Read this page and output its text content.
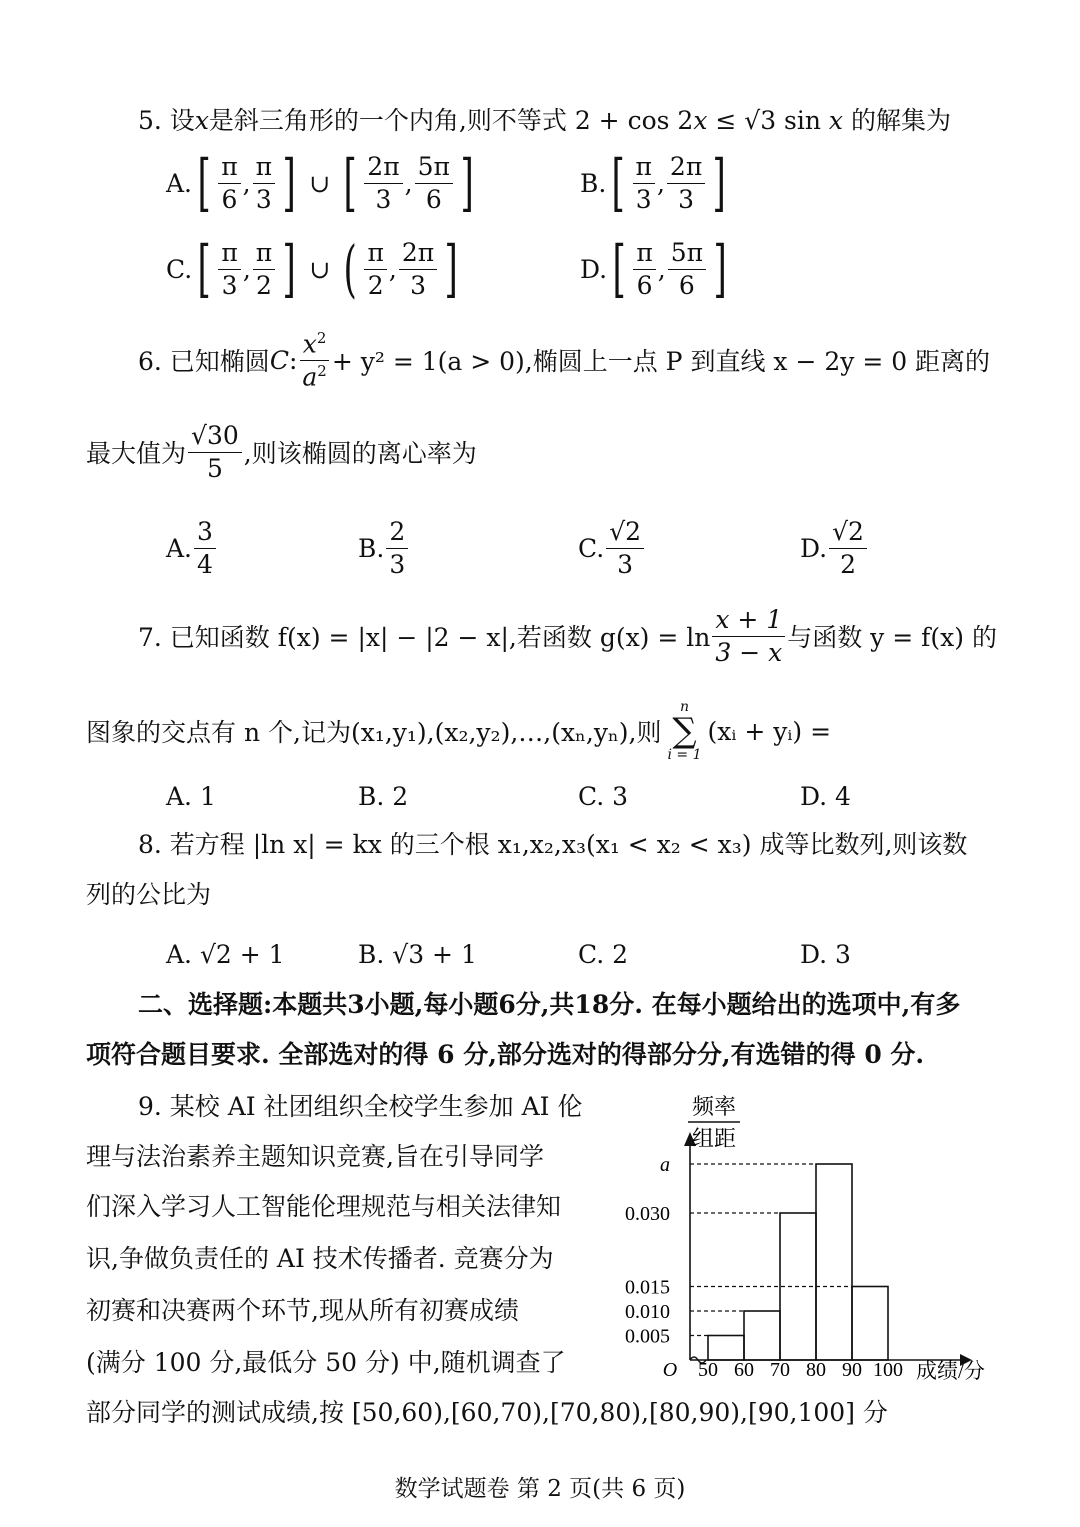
5. 设x是斜三角形的一个内角,则不等式 2 + cos 2x ≤ √3 sin x 的解集为
A. [ $\frac{\pi}{6}$ , $\frac{\pi}{3}$ ] ∪ [ $\frac{2\pi}{3}$ , $\frac{5\pi}{6}$ ]	B. [ $\frac{\pi}{3}$ , $\frac{2\pi}{3}$ ]
C. [ $\frac{\pi}{3}$ , $\frac{\pi}{2}$ ] ∪ ( $\frac{\pi}{2}$ , $\frac{2\pi}{3}$ ]	D. [ $\frac{\pi}{6}$ , $\frac{5\pi}{6}$ ]
6. 已知椭圆 C : $\frac{x^2}{a^2} + y^2 = 1(a > 0)$,椭圆上一点 P 到直线 x − 2y = 0 距离的
最大值为 $\frac{√30}{5}$ ,则该椭圆的离心率为
A. $\frac{3}{4}$	B. $\frac{2}{3}$	C. $\frac{√2}{3}$	D. $\frac{√2}{2}$
7. 已知函数 f(x) = |x| − |2 − x|,若函数 $g(x) = \ln \frac{x + 1}{3 - x}$ 与函数 y = f(x) 的
图象的交点有 n 个,记为(x₁,y₁),(x₂,y₂),…,(xₙ,yₙ),则
n
∑
i = 1
(xᵢ + yᵢ) =
A. 1	B. 2	C. 3	D. 4
8. 若方程 |ln x| = kx 的三个根 x₁,x₂,x₃(x₁ < x₂ < x₃) 成等比数列,则该数
列的公比为
A. √2 + 1	B. √3 + 1	C. 2	D. 3
二、选择题:本题共3小题,每小题6分,共18分. 在每小题给出的选项中,有多
项符合题目要求. 全部选对的得 6 分,部分选对的得部分分,有选错的得 0 分.
9. 某校 AI 社团组织全校学生参加 AI 伦
理与法治素养主题知识竞赛,旨在引导同学
们深入学习人工智能伦理规范与相关法律知
识,争做负责任的 AI 技术传播者. 竞赛分为
初赛和决赛两个环节,现从所有初赛成绩
(满分 100 分,最低分 50 分) 中,随机调查了
部分同学的测试成绩,按 [50,60),[60,70),[70,80),[80,90),[90,100] 分
频率
组距
0.005
0.010
0.015
0.030
a
50 60 70 80 90 100
O	成绩/分
数学试题卷 第 2 页(共 6 页)
